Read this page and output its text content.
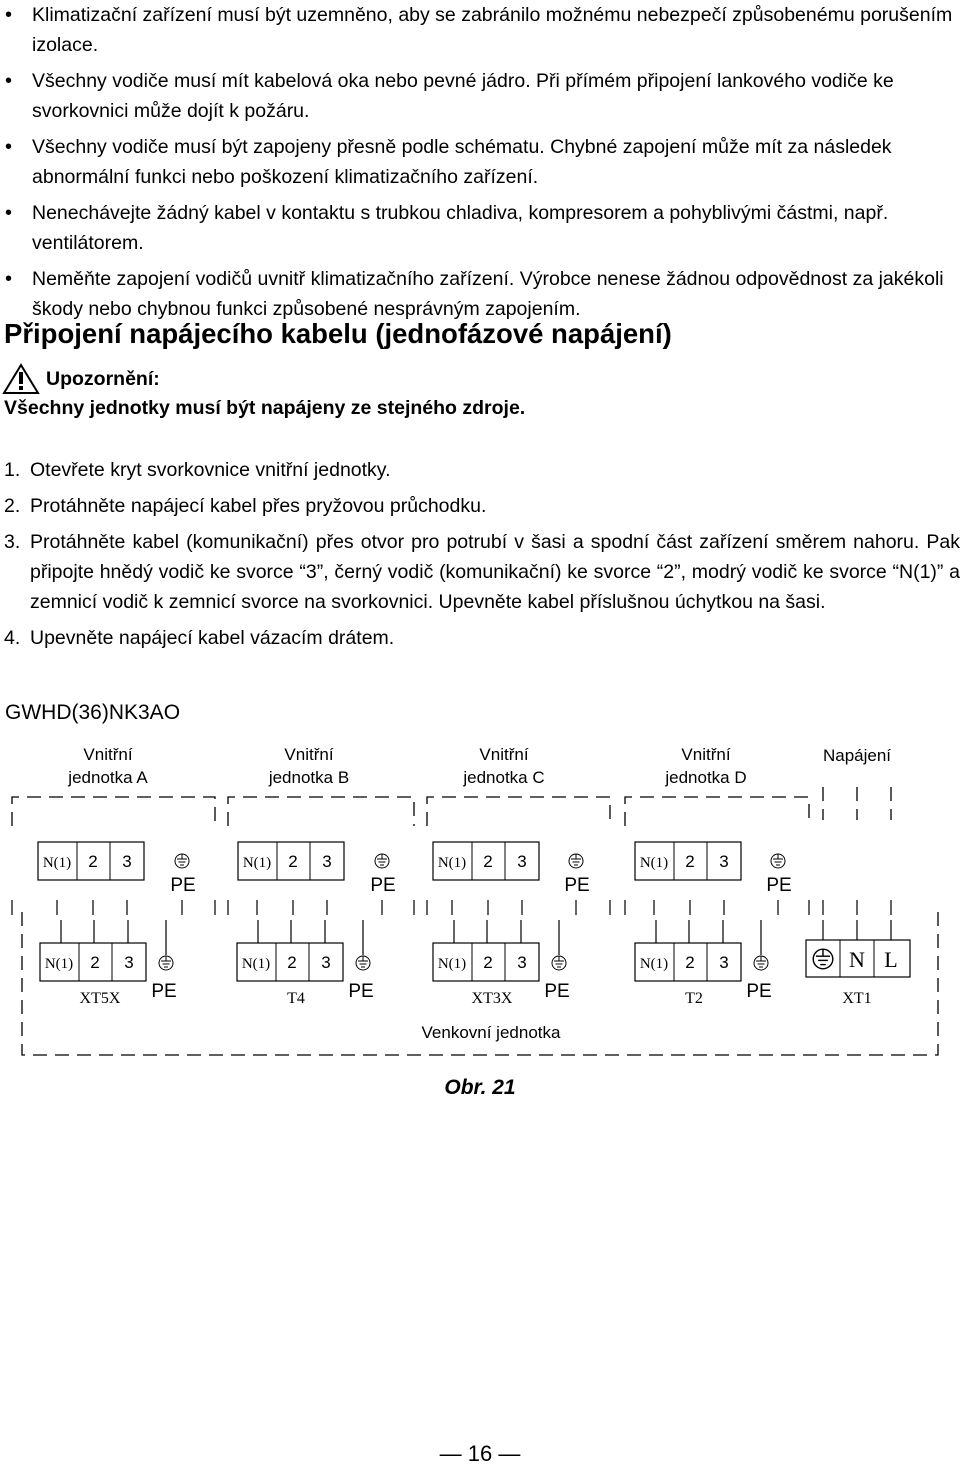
• Klimatizační zařízení musí být uzemněno, aby se zabránilo možnému nebezpečí způsobenému porušením izolace.
• Všechny vodiče musí mít kabelová oka nebo pevné jádro. Při přímém připojení lankového vodiče ke svorkovnici může dojít k požáru.
• Všechny vodiče musí být zapojeny přesně podle schématu. Chybné zapojení může mít za následek abnormální funkci nebo poškození klimatizačního zařízení.
• Nenechávejte žádný kabel v kontaktu s trubkou chladiva, kompresorem a pohyblivými částmi, např. ventilátorem.
• Neměňte zapojení vodičů uvnitř klimatizačního zařízení. Výrobce nenese žádnou odpovědnost za jakékoli škody nebo chybnou funkci způsobené nesprávným zapojením.
Připojení napájecího kabelu (jednofázové napájení)
Upozornění:
Všechny jednotky musí být napájeny ze stejného zdroje.
1. Otevřete kryt svorkovnice vnitřní jednotky.
2. Protáhněte napájecí kabel přes pryžovou průchodku.
3. Protáhněte kabel (komunikační) přes otvor pro potrubí v šasi a spodní část zařízení směrem nahoru. Pak připojte hnědý vodič ke svorce “3”, černý vodič (komunikační) ke svorce “2”, modrý vodič ke svorce “N(1)” a zemnicí vodič k zemnicí svorce na svorkovnici. Upevněte kabel příslušnou úchytkou na šasi.
4. Upevněte napájecí kabel vázacím drátem.
GWHD(36)NK3AO
Vnitřní
jednotka A
Vnitřní
jednotka B
Vnitřní
jednotka C
Vnitřní
jednotka D
Napájení
N(1) 2 3
PE
N(1) 2 3
PE
N(1) 2 3
PE
N(1) 2 3
PE
N(1) 2 3
XT5X PE
N(1) 2 3
T4 PE
N(1) 2 3
XT3X PE
N(1) 2 3
T2 PE
N L
XT1
Venkovní jednotka
Obr. 21
— 16 —
